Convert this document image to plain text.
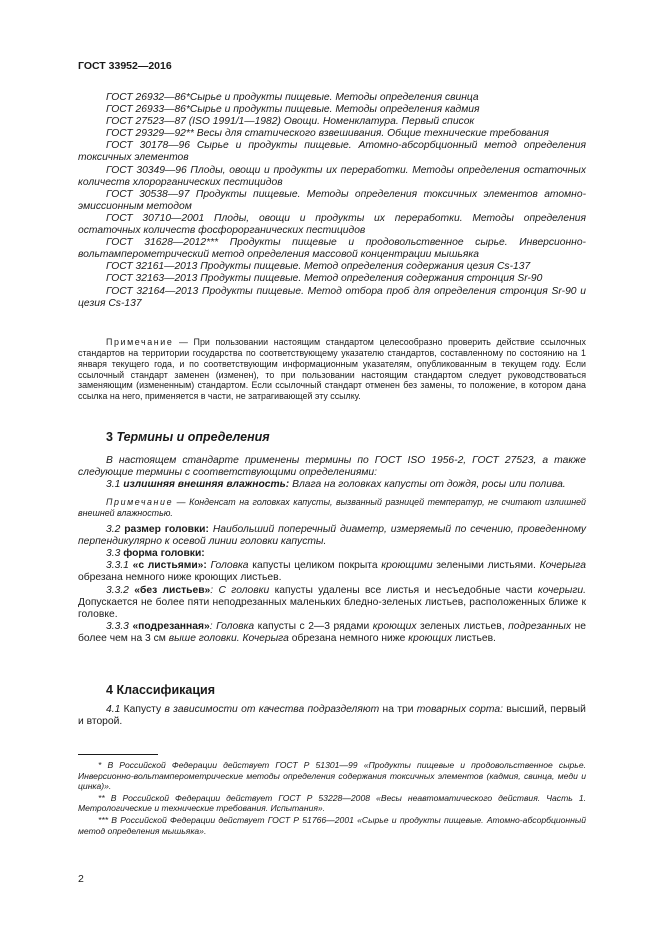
ГОСТ 33952—2016
ГОСТ 26932—86*Сырье и продукты пищевые. Методы определения свинца
ГОСТ 26933—86*Сырье и продукты пищевые. Методы определения кадмия
ГОСТ 27523—87 (ISO 1991/1—1982) Овощи. Номенклатура. Первый список
ГОСТ 29329—92** Весы для статического взвешивания. Общие технические требования
ГОСТ 30178—96 Сырье и продукты пищевые. Атомно-абсорбционный метод определения токсичных элементов
ГОСТ 30349—96 Плоды, овощи и продукты их переработки. Методы определения остаточных количеств хлорорганических пестицидов
ГОСТ 30538—97 Продукты пищевые. Методы определения токсичных элементов атомно-эмиссионным методом
ГОСТ 30710—2001 Плоды, овощи и продукты их переработки. Методы определения остаточных количеств фосфорорганических пестицидов
ГОСТ 31628—2012*** Продукты пищевые и продовольственное сырье. Инверсионно-вольтамперометрический метод определения массовой концентрации мышьяка
ГОСТ 32161—2013 Продукты пищевые. Метод определения содержания цезия Cs-137
ГОСТ 32163—2013 Продукты пищевые. Метод определения содержания стронция Sr-90
ГОСТ 32164—2013 Продукты пищевые. Метод отбора проб для определения стронция Sr-90 и цезия Cs-137
Примечание — При пользовании настоящим стандартом целесообразно проверить действие ссылочных стандартов на территории государства по соответствующему указателю стандартов, составленному по состоянию на 1 января текущего года, и по соответствующим информационным указателям, опубликованным в текущем году. Если ссылочный стандарт заменен (изменен), то при пользовании настоящим стандартом следует руководствоваться заменяющим (измененным) стандартом. Если ссылочный стандарт отменен без замены, то положение, в котором дана ссылка на него, применяется в части, не затрагивающей эту ссылку.
3 Термины и определения

В настоящем стандарте применены термины по ГОСТ ISO 1956-2, ГОСТ 27523, а также следующие термины с соответствующими определениями:

3.1 излишняя внешняя влажность: Влага на головках капусты от дождя, росы или полива.

Примечание — Конденсат на головках капусты, вызванный разницей температур, не считают излишней внешней влажностью.

3.2 размер головки: Наибольший поперечный диаметр, измеряемый по сечению, проведенному перпендикулярно к осевой линии головки капусты.

3.3 форма головки:

3.3.1 «с листьями»: Головка капусты целиком покрыта кроющими зелеными листьями. Кочерыга обрезана немного ниже кроющих листьев.

3.3.2 «без листьев»: С головки капусты удалены все листья и несъедобные части кочерыги. Допускается не более пяти неподрезанных маленьких бледно-зеленых листьев, расположенных ближе к головке.

3.3.3 «подрезанная»: Головка капусты с 2—3 рядами кроющих зеленых листьев, подрезанных не более чем на 3 см выше головки. Кочерыга обрезана немного ниже кроющих листьев.

4 Классификация

4.1 Капусту в зависимости от качества подразделяют на три товарных сорта: высший, первый и второй.

* В Российской Федерации действует ГОСТ Р 51301—99 «Продукты пищевые и продовольственное сырье. Инверсионно-вольтамперометрические методы определения содержания токсичных элементов (кадмия, свинца, меди и цинка)».

** В Российской Федерации действует ГОСТ Р 53228—2008 «Весы неавтоматического действия. Часть 1. Метрологические и технические требования. Испытания».

*** В Российской Федерации действует ГОСТ Р 51766—2001 «Сырье и продукты пищевые. Атомно-абсорбционный метод определения мышьяка».

2
